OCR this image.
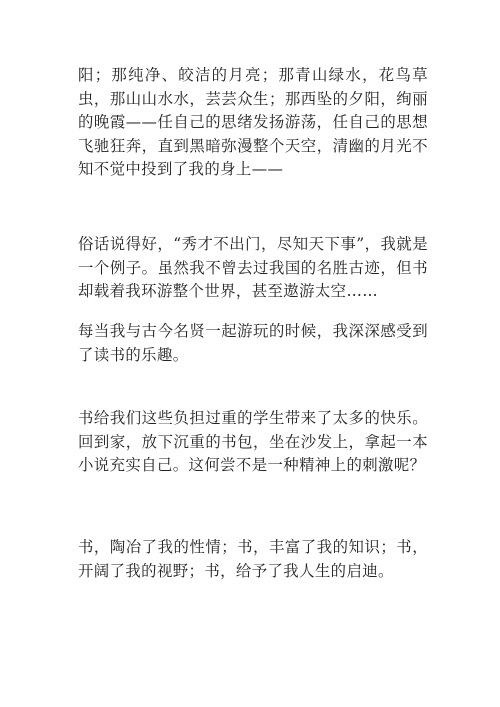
阳；那纯净、皎洁的月亮；那青山绿水，花鸟草虫，那山山水水，芸芸众生；那西坠的夕阳，绚丽的晚霞——任自己的思绪发扬游荡，任自己的思想飞驰狂奔，直到黑暗弥漫整个天空，清幽的月光不知不觉中投到了我的身上——

俗话说得好，“秀才不出门，尽知天下事”，我就是一个例子。虽然我不曾去过我国的名胜古迹，但书却载着我环游整个世界，甚至遨游太空……

每当我与古今名贤一起游玩的时候，我深深感受到了读书的乐趣。

书给我们这些负担过重的学生带来了太多的快乐。回到家，放下沉重的书包，坐在沙发上，拿起一本小说充实自己。这何尝不是一种精神上的刺激呢？

书，陶冶了我的性情；书，丰富了我的知识；书，开阔了我的视野；书，给予了我人生的启迪。
